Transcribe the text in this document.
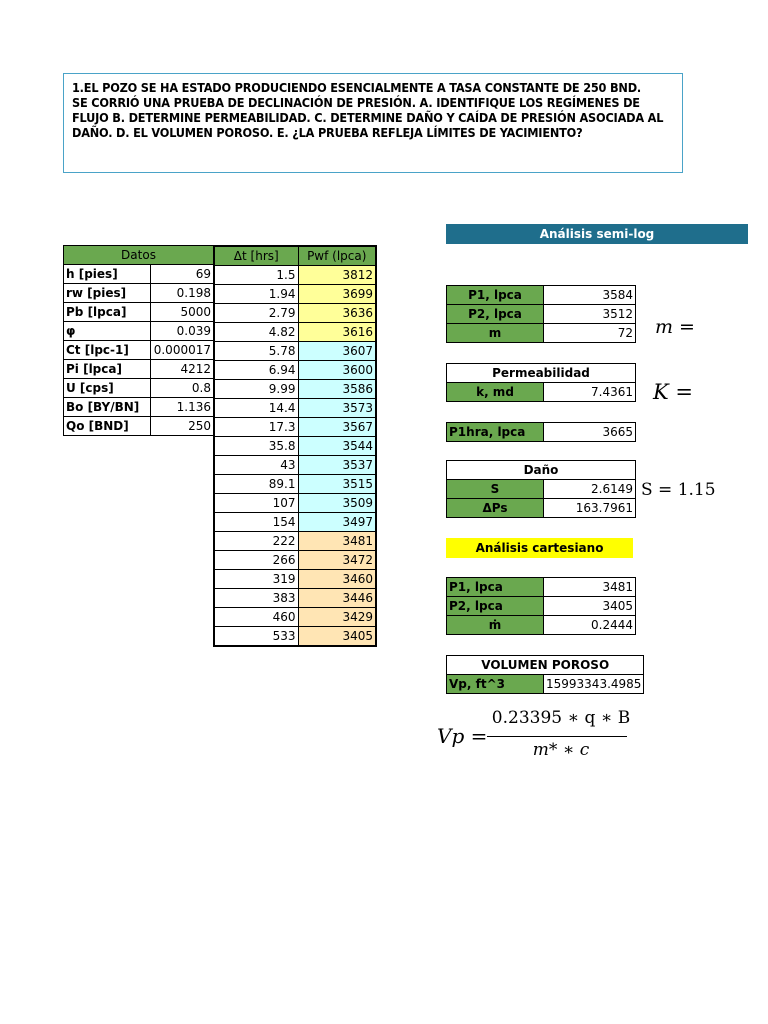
1.EL POZO SE HA ESTADO PRODUCIENDO ESENCIALMENTE A TASA CONSTANTE DE 250 BND.
SE CORRIÓ UNA PRUEBA DE DECLINACIÓN DE PRESIÓN. A. IDENTIFIQUE LOS REGÍMENES DE
FLUJO B. DETERMINE PERMEABILIDAD. C. DETERMINE DAÑO Y CAÍDA DE PRESIÓN ASOCIADA AL
DAÑO. D. EL VOLUMEN POROSO. E. ¿LA PRUEBA REFLEJA LÍMITES DE YACIMIENTO?
Datos	
h [pies]	69
rw [pies]	0.198
Pb [lpca]	5000
φ	0.039
Ct [lpc-1]	0.000017
Pi [lpca]	4212
U [cps]	0.8
Bo [BY/BN]	1.136
Qo [BND]	250
Δt [hrs]	Pwf (lpca)
1.5	3812
1.94	3699
2.79	3636
4.82	3616
5.78	3607
6.94	3600
9.99	3586
14.4	3573
17.3	3567
35.8	3544
43	3537
89.1	3515
107	3509
154	3497
222	3481
266	3472
319	3460
383	3446
460	3429
533	3405
Análisis semi-log
P1, lpca	3584
P2, lpca	3512
m	72
Permeabilidad
k, md	7.4361
P1hra, lpca	3665
Daño	
S	2.6149
ΔPs	163.7961
Análisis cartesiano
P1, lpca	3481
P2, lpca	3405
ṁ	0.2444
VOLUMEN POROSO
Vp, ft^3	15993343.4985
m =
K =
S = 1.15
Vp =
0.23395 ∗ q ∗ B
m* ∗ c
